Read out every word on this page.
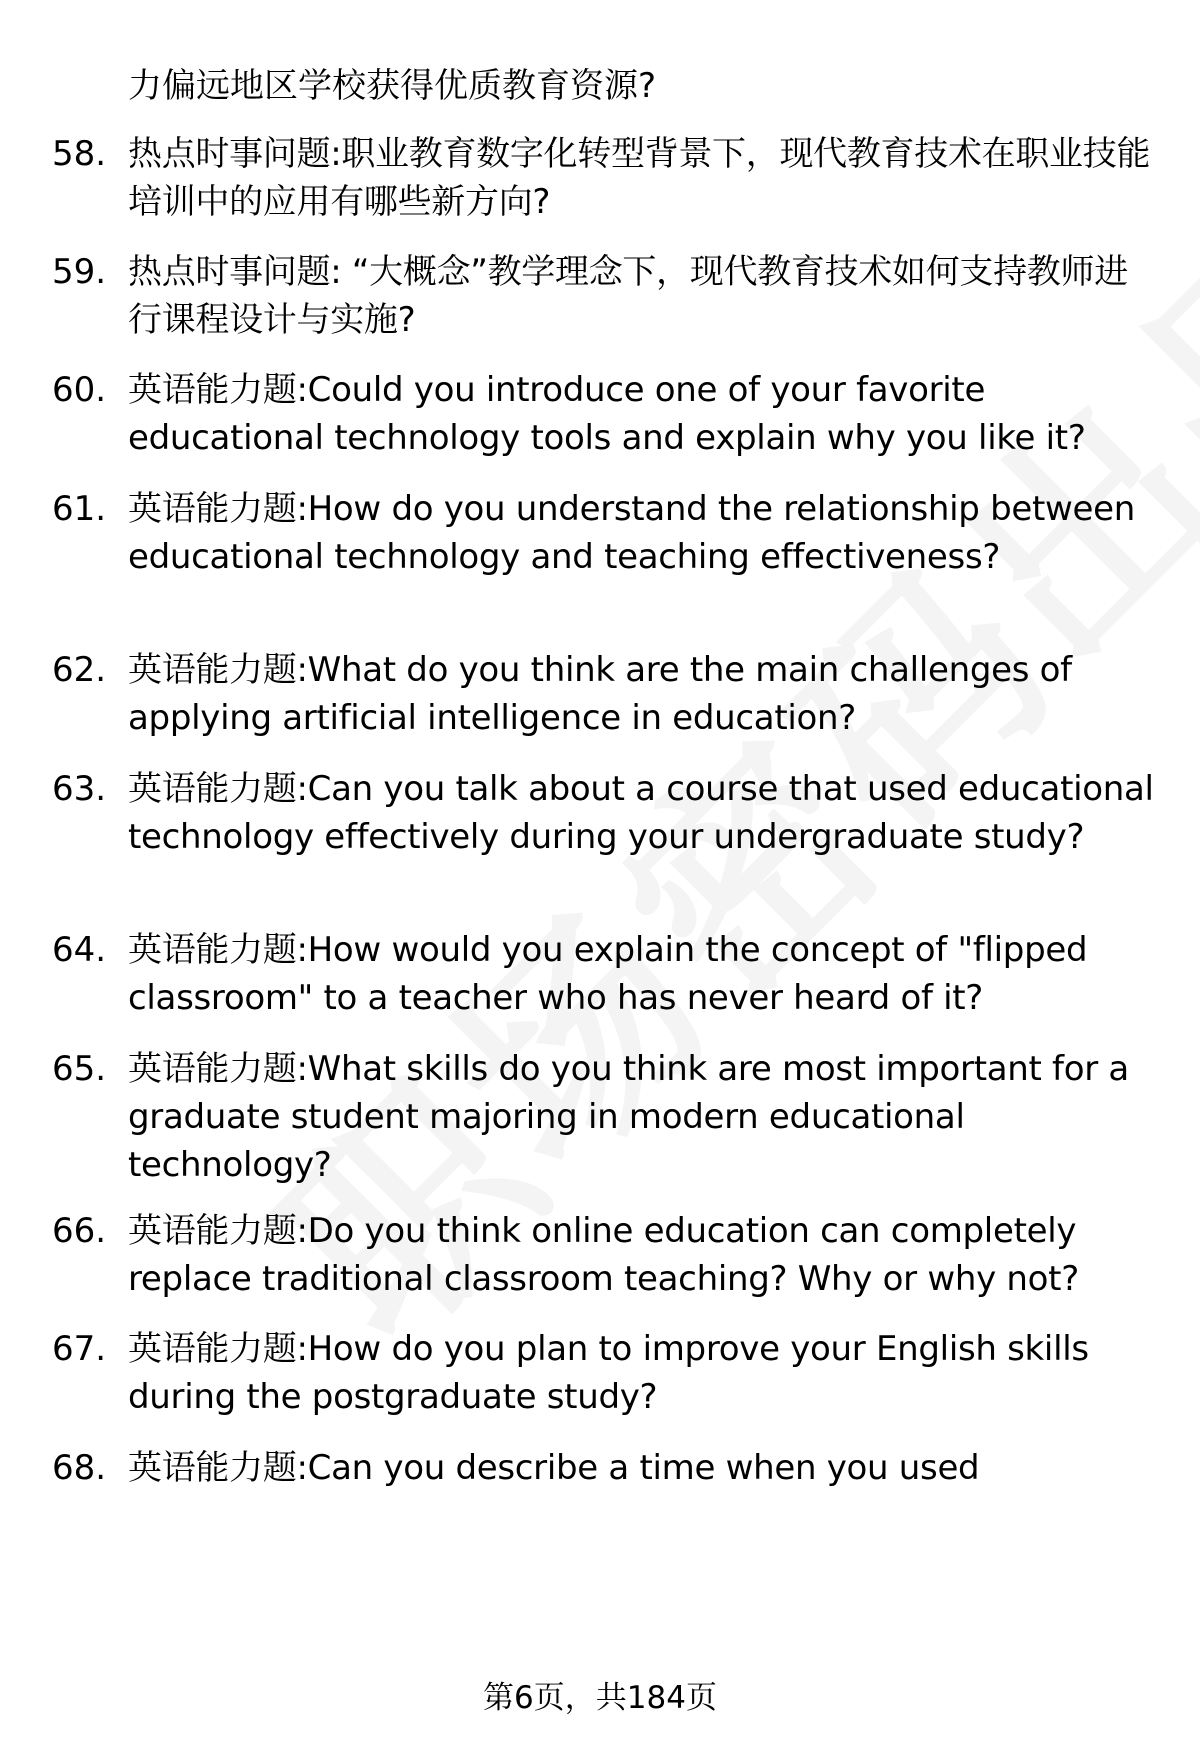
力偏远地区学校获得优质教育资源?
58. 热点时事问题:职业教育数字化转型背景下，现代教育技术在职业技能培训中的应用有哪些新方向?
59. 热点时事问题: “大概念”教学理念下，现代教育技术如何支持教师进行课程设计与实施?
60. 英语能力题:Could you introduce one of your favorite educational technology tools and explain why you like it?
61. 英语能力题:How do you understand the relationship between educational technology and teaching effectiveness?
62. 英语能力题:What do you think are the main challenges of applying artificial intelligence in education?
63. 英语能力题:Can you talk about a course that used educational technology effectively during your undergraduate study?
64. 英语能力题:How would you explain the concept of "flipped classroom" to a teacher who has never heard of it?
65. 英语能力题:What skills do you think are most important for a graduate student majoring in modern educational technology?
66. 英语能力题:Do you think online education can completely replace traditional classroom teaching? Why or why not?
67. 英语能力题:How do you plan to improve your English skills during the postgraduate study?
68. 英语能力题:Can you describe a time when you used
第6页，共184页
